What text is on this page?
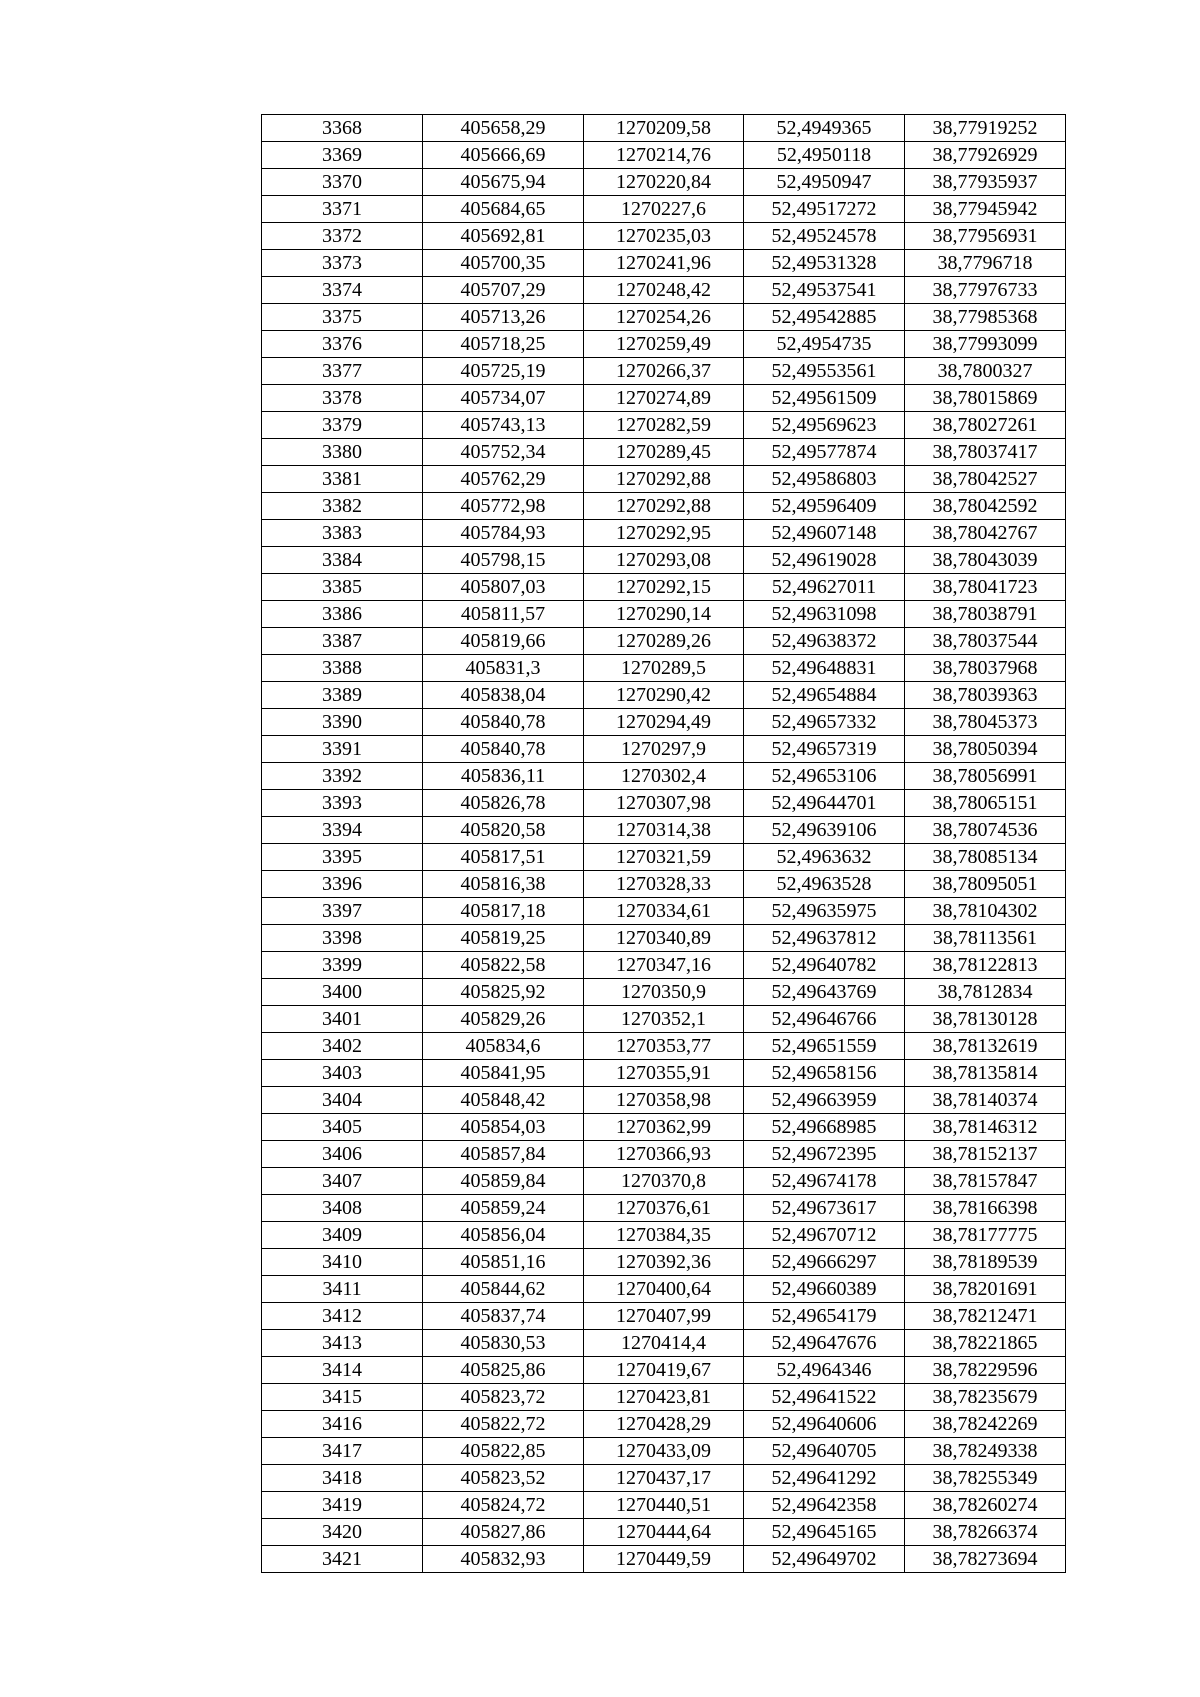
3368	405658,29	1270209,58	52,4949365	38,77919252
3369	405666,69	1270214,76	52,4950118	38,77926929
3370	405675,94	1270220,84	52,4950947	38,77935937
3371	405684,65	1270227,6	52,49517272	38,77945942
3372	405692,81	1270235,03	52,49524578	38,77956931
3373	405700,35	1270241,96	52,49531328	38,7796718
3374	405707,29	1270248,42	52,49537541	38,77976733
3375	405713,26	1270254,26	52,49542885	38,77985368
3376	405718,25	1270259,49	52,4954735	38,77993099
3377	405725,19	1270266,37	52,49553561	38,7800327
3378	405734,07	1270274,89	52,49561509	38,78015869
3379	405743,13	1270282,59	52,49569623	38,78027261
3380	405752,34	1270289,45	52,49577874	38,78037417
3381	405762,29	1270292,88	52,49586803	38,78042527
3382	405772,98	1270292,88	52,49596409	38,78042592
3383	405784,93	1270292,95	52,49607148	38,78042767
3384	405798,15	1270293,08	52,49619028	38,78043039
3385	405807,03	1270292,15	52,49627011	38,78041723
3386	405811,57	1270290,14	52,49631098	38,78038791
3387	405819,66	1270289,26	52,49638372	38,78037544
3388	405831,3	1270289,5	52,49648831	38,78037968
3389	405838,04	1270290,42	52,49654884	38,78039363
3390	405840,78	1270294,49	52,49657332	38,78045373
3391	405840,78	1270297,9	52,49657319	38,78050394
3392	405836,11	1270302,4	52,49653106	38,78056991
3393	405826,78	1270307,98	52,49644701	38,78065151
3394	405820,58	1270314,38	52,49639106	38,78074536
3395	405817,51	1270321,59	52,4963632	38,78085134
3396	405816,38	1270328,33	52,4963528	38,78095051
3397	405817,18	1270334,61	52,49635975	38,78104302
3398	405819,25	1270340,89	52,49637812	38,78113561
3399	405822,58	1270347,16	52,49640782	38,78122813
3400	405825,92	1270350,9	52,49643769	38,7812834
3401	405829,26	1270352,1	52,49646766	38,78130128
3402	405834,6	1270353,77	52,49651559	38,78132619
3403	405841,95	1270355,91	52,49658156	38,78135814
3404	405848,42	1270358,98	52,49663959	38,78140374
3405	405854,03	1270362,99	52,49668985	38,78146312
3406	405857,84	1270366,93	52,49672395	38,78152137
3407	405859,84	1270370,8	52,49674178	38,78157847
3408	405859,24	1270376,61	52,49673617	38,78166398
3409	405856,04	1270384,35	52,49670712	38,78177775
3410	405851,16	1270392,36	52,49666297	38,78189539
3411	405844,62	1270400,64	52,49660389	38,78201691
3412	405837,74	1270407,99	52,49654179	38,78212471
3413	405830,53	1270414,4	52,49647676	38,78221865
3414	405825,86	1270419,67	52,4964346	38,78229596
3415	405823,72	1270423,81	52,49641522	38,78235679
3416	405822,72	1270428,29	52,49640606	38,78242269
3417	405822,85	1270433,09	52,49640705	38,78249338
3418	405823,52	1270437,17	52,49641292	38,78255349
3419	405824,72	1270440,51	52,49642358	38,78260274
3420	405827,86	1270444,64	52,49645165	38,78266374
3421	405832,93	1270449,59	52,49649702	38,78273694
